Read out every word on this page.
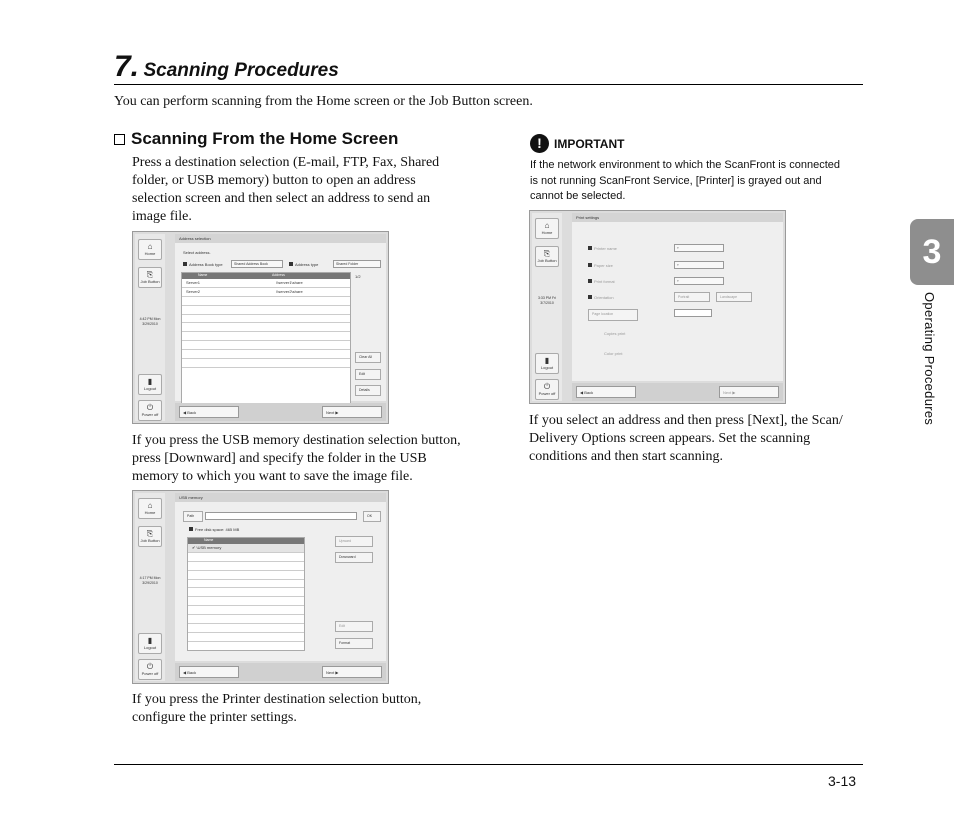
7. Scanning Procedures
You can perform scanning from the Home screen or the Job Button screen.
Scanning From the Home Screen
Press a destination selection (E-mail, FTP, Fax, Shared
folder, or USB memory) button to open an address
selection screen and then select an address to send an
image file.
⌂
Home
⎘
Job Button
4:42 PM Mon
3/29/2010
▮
Logout
⏻
Power off
Address selection
Select address.
Address Book type	Shared Address Book	Address type	Shared Folder
1/2
Name	Address
Server1	\\server1\share
Server2	\\server2\share
Clear All
Edit
Details
◀ Back	Next ▶
If you press the USB memory destination selection button,
press [Downward] and specify the folder in the USB
memory to which you want to save the image file.
⌂
Home
⎘
Job Button
4:17 PM Mon
3/29/2010
▮
Logout
⏻
Power off
USB memory
Path	OK
Free disk space: 465 MB
Name
✔ \USB memory
Upward
Downward
Edit
Format
◀ Back	Next ▶
If you press the Printer destination selection button,
configure the printer settings.
!	IMPORTANT
If the network environment to which the ScanFront is connected
is not running ScanFront Service, [Printer] is grayed out and
cannot be selected.
⌂
Home
⎘
Job Button
3:33 PM Fri
3/7/2010
▮
Logout
⏻
Power off
Print settings
Printer name	▾
Paper size	▾
Print format	▾
Orientation	Portrait	Landscape
Page location
Copies print
Color print
◀ Back	Next ▶
If you select an address and then press [Next], the Scan/
Delivery Options screen appears. Set the scanning
conditions and then start scanning.
3
Operating Procedures
3-13
